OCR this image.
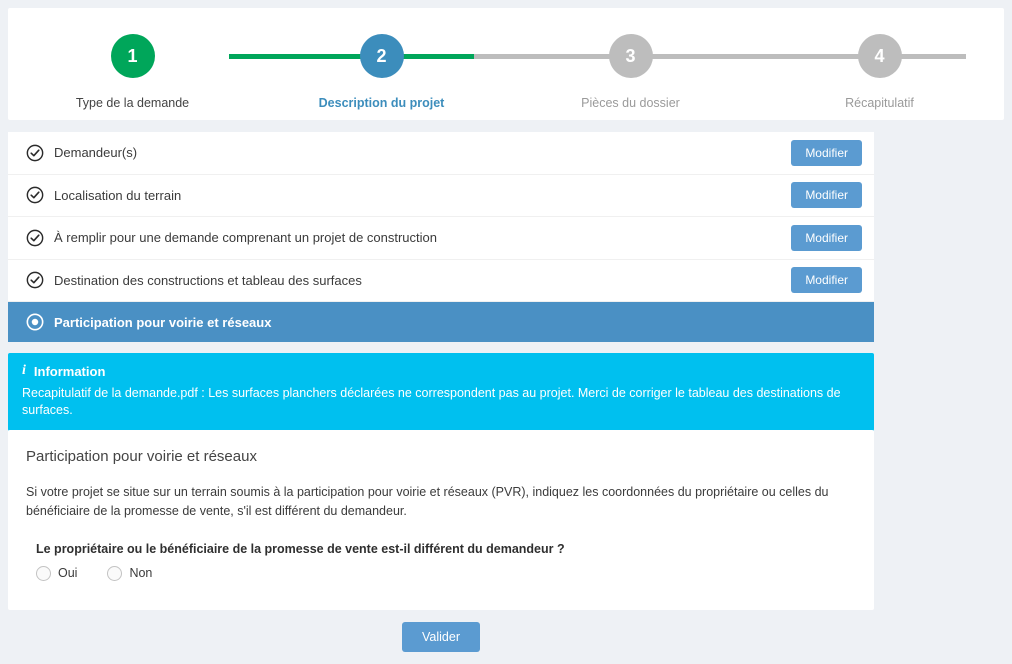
1
Type de la demande
2
Description du projet
3
Pièces du dossier
4
Récapitulatif
Demandeur(s)	Modifier
Localisation du terrain	Modifier
À remplir pour une demande comprenant un projet de construction	Modifier
Destination des constructions et tableau des surfaces	Modifier
Participation pour voirie et réseaux
i Information
Recapitulatif de la demande.pdf : Les surfaces planchers déclarées ne correspondent pas au projet. Merci de corriger le tableau des destinations de surfaces.
Participation pour voirie et réseaux
Si votre projet se situe sur un terrain soumis à la participation pour voirie et réseaux (PVR), indiquez les coordonnées du propriétaire ou celles du bénéficiaire de la promesse de vente, s'il est différent du demandeur.
Le propriétaire ou le bénéficiaire de la promesse de vente est-il différent du demandeur ?
Oui	Non
Valider
